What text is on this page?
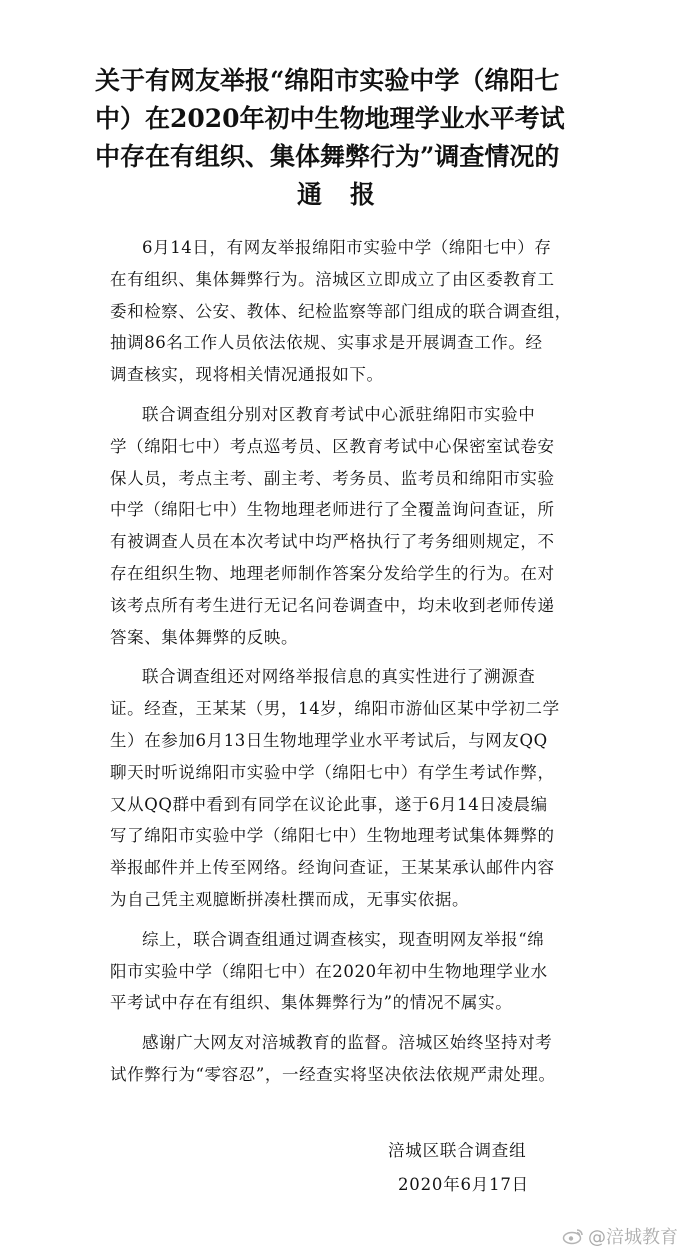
关于有网友举报“绵阳市实验中学（绵阳七
中）在2020年初中生物地理学业水平考试
中存在有组织、集体舞弊行为”调查情况的
通报
6月14日，有网友举报绵阳市实验中学（绵阳七中）存
在有组织、集体舞弊行为。涪城区立即成立了由区委教育工
委和检察、公安、教体、纪检监察等部门组成的联合调查组，
抽调86名工作人员依法依规、实事求是开展调查工作。经
调查核实，现将相关情况通报如下。
联合调查组分别对区教育考试中心派驻绵阳市实验中
学（绵阳七中）考点巡考员、区教育考试中心保密室试卷安
保人员，考点主考、副主考、考务员、监考员和绵阳市实验
中学（绵阳七中）生物地理老师进行了全覆盖询问查证，所
有被调查人员在本次考试中均严格执行了考务细则规定，不
存在组织生物、地理老师制作答案分发给学生的行为。在对
该考点所有考生进行无记名问卷调查中，均未收到老师传递
答案、集体舞弊的反映。
联合调查组还对网络举报信息的真实性进行了溯源查
证。经查，王某某（男，14岁，绵阳市游仙区某中学初二学
生）在参加6月13日生物地理学业水平考试后，与网友QQ
聊天时听说绵阳市实验中学（绵阳七中）有学生考试作弊，
又从QQ群中看到有同学在议论此事，遂于6月14日凌晨编
写了绵阳市实验中学（绵阳七中）生物地理考试集体舞弊的
举报邮件并上传至网络。经询问查证，王某某承认邮件内容
为自己凭主观臆断拼凑杜撰而成，无事实依据。
综上，联合调查组通过调查核实，现查明网友举报“绵
阳市实验中学（绵阳七中）在2020年初中生物地理学业水
平考试中存在有组织、集体舞弊行为”的情况不属实。
感谢广大网友对涪城教育的监督。涪城区始终坚持对考
试作弊行为“零容忍”，一经查实将坚决依法依规严肃处理。
涪城区联合调查组
2020年6月17日
@涪城教育
